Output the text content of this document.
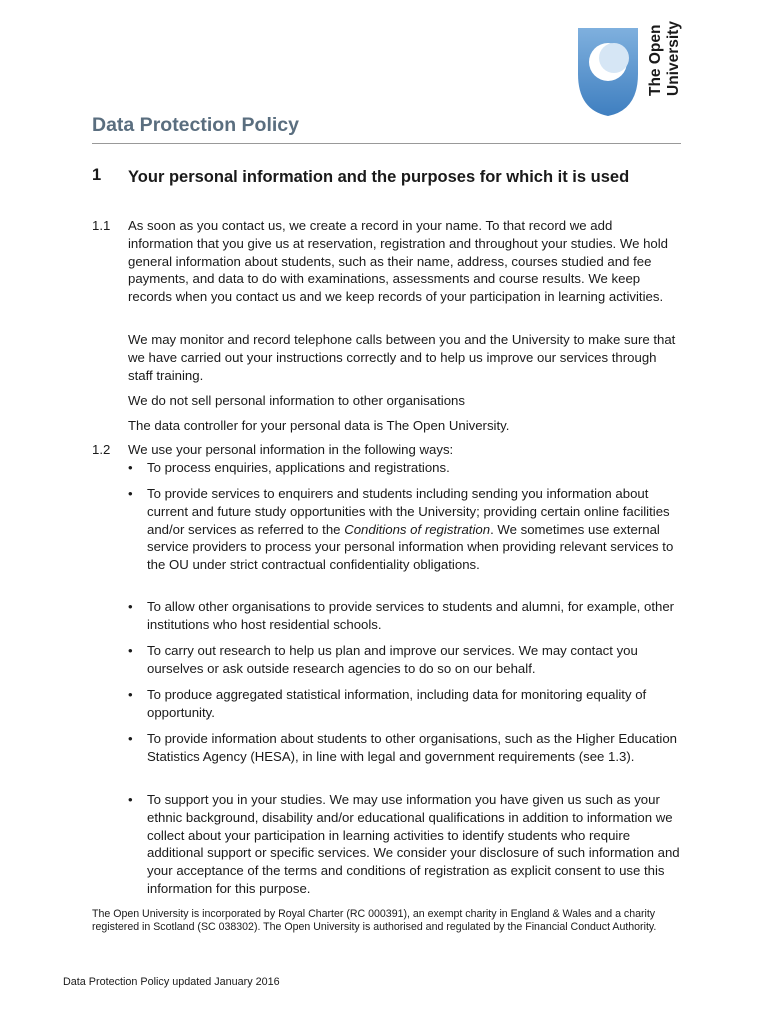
The Open University
Data Protection Policy
1 Your personal information and the purposes for which it is used
1.1 As soon as you contact us, we create a record in your name. To that record we add information that you give us at reservation, registration and throughout your studies. We hold general information about students, such as their name, address, courses studied and fee payments, and data to do with examinations, assessments and course results. We keep records when you contact us and we keep records of your participation in learning activities.
We may monitor and record telephone calls between you and the University to make sure that we have carried out your instructions correctly and to help us improve our services through staff training.
We do not sell personal information to other organisations
The data controller for your personal data is The Open University.
1.2 We use your personal information in the following ways:
•	To process enquiries, applications and registrations.
•	To provide services to enquirers and students including sending you information about current and future study opportunities with the University; providing certain online facilities and/or services as referred to the Conditions of registration. We sometimes use external service providers to process your personal information when providing relevant services to the OU under strict contractual confidentiality obligations.
•	To allow other organisations to provide services to students and alumni, for example, other institutions who host residential schools.
•	To carry out research to help us plan and improve our services. We may contact you ourselves or ask outside research agencies to do so on our behalf.
•	To produce aggregated statistical information, including data for monitoring equality of opportunity.
•	To provide information about students to other organisations, such as the Higher Education Statistics Agency (HESA), in line with legal and government requirements (see 1.3).
•	To support you in your studies. We may use information you have given us such as your ethnic background, disability and/or educational qualifications in addition to information we collect about your participation in learning activities to identify students who require additional support or specific services. We consider your disclosure of such information and your acceptance of the terms and conditions of registration as explicit consent to use this information for this purpose.
The Open University is incorporated by Royal Charter (RC 000391), an exempt charity in England & Wales and a charity registered in Scotland (SC 038302). The Open University is authorised and regulated by the Financial Conduct Authority.
Data Protection Policy updated January 2016
